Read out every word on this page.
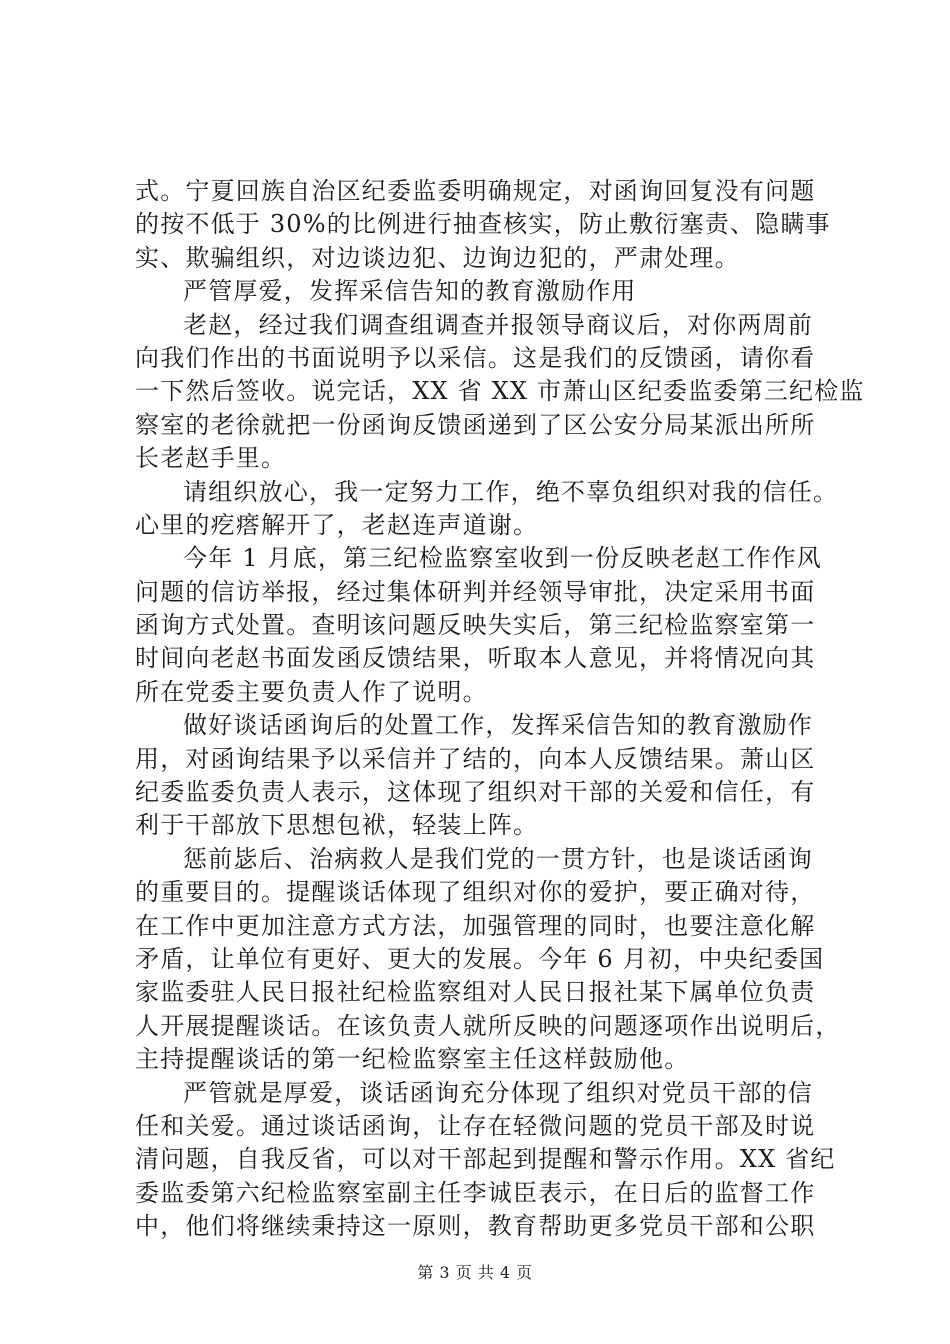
式。宁夏回族自治区纪委监委明确规定，对函询回复没有问题
的按不低于 30%的比例进行抽查核实，防止敷衍塞责、隐瞒事
实、欺骗组织，对边谈边犯、边询边犯的，严肃处理。
严管厚爱，发挥采信告知的教育激励作用
老赵，经过我们调查组调查并报领导商议后，对你两周前
向我们作出的书面说明予以采信。这是我们的反馈函，请你看
一下然后签收。说完话，XX 省 XX 市萧山区纪委监委第三纪检监
察室的老徐就把一份函询反馈函递到了区公安分局某派出所所
长老赵手里。
请组织放心，我一定努力工作，绝不辜负组织对我的信任。
心里的疙瘩解开了，老赵连声道谢。
今年 1 月底，第三纪检监察室收到一份反映老赵工作作风
问题的信访举报，经过集体研判并经领导审批，决定采用书面
函询方式处置。查明该问题反映失实后，第三纪检监察室第一
时间向老赵书面发函反馈结果，听取本人意见，并将情况向其
所在党委主要负责人作了说明。
做好谈话函询后的处置工作，发挥采信告知的教育激励作
用，对函询结果予以采信并了结的，向本人反馈结果。萧山区
纪委监委负责人表示，这体现了组织对干部的关爱和信任，有
利于干部放下思想包袱，轻装上阵。
惩前毖后、治病救人是我们党的一贯方针，也是谈话函询
的重要目的。提醒谈话体现了组织对你的爱护，要正确对待，
在工作中更加注意方式方法，加强管理的同时，也要注意化解
矛盾，让单位有更好、更大的发展。今年 6 月初，中央纪委国
家监委驻人民日报社纪检监察组对人民日报社某下属单位负责
人开展提醒谈话。在该负责人就所反映的问题逐项作出说明后，
主持提醒谈话的第一纪检监察室主任这样鼓励他。
严管就是厚爱，谈话函询充分体现了组织对党员干部的信
任和关爱。通过谈话函询，让存在轻微问题的党员干部及时说
清问题，自我反省，可以对干部起到提醒和警示作用。XX 省纪
委监委第六纪检监察室副主任李诚臣表示，在日后的监督工作
中，他们将继续秉持这一原则，教育帮助更多党员干部和公职
第 3 页 共 4 页
